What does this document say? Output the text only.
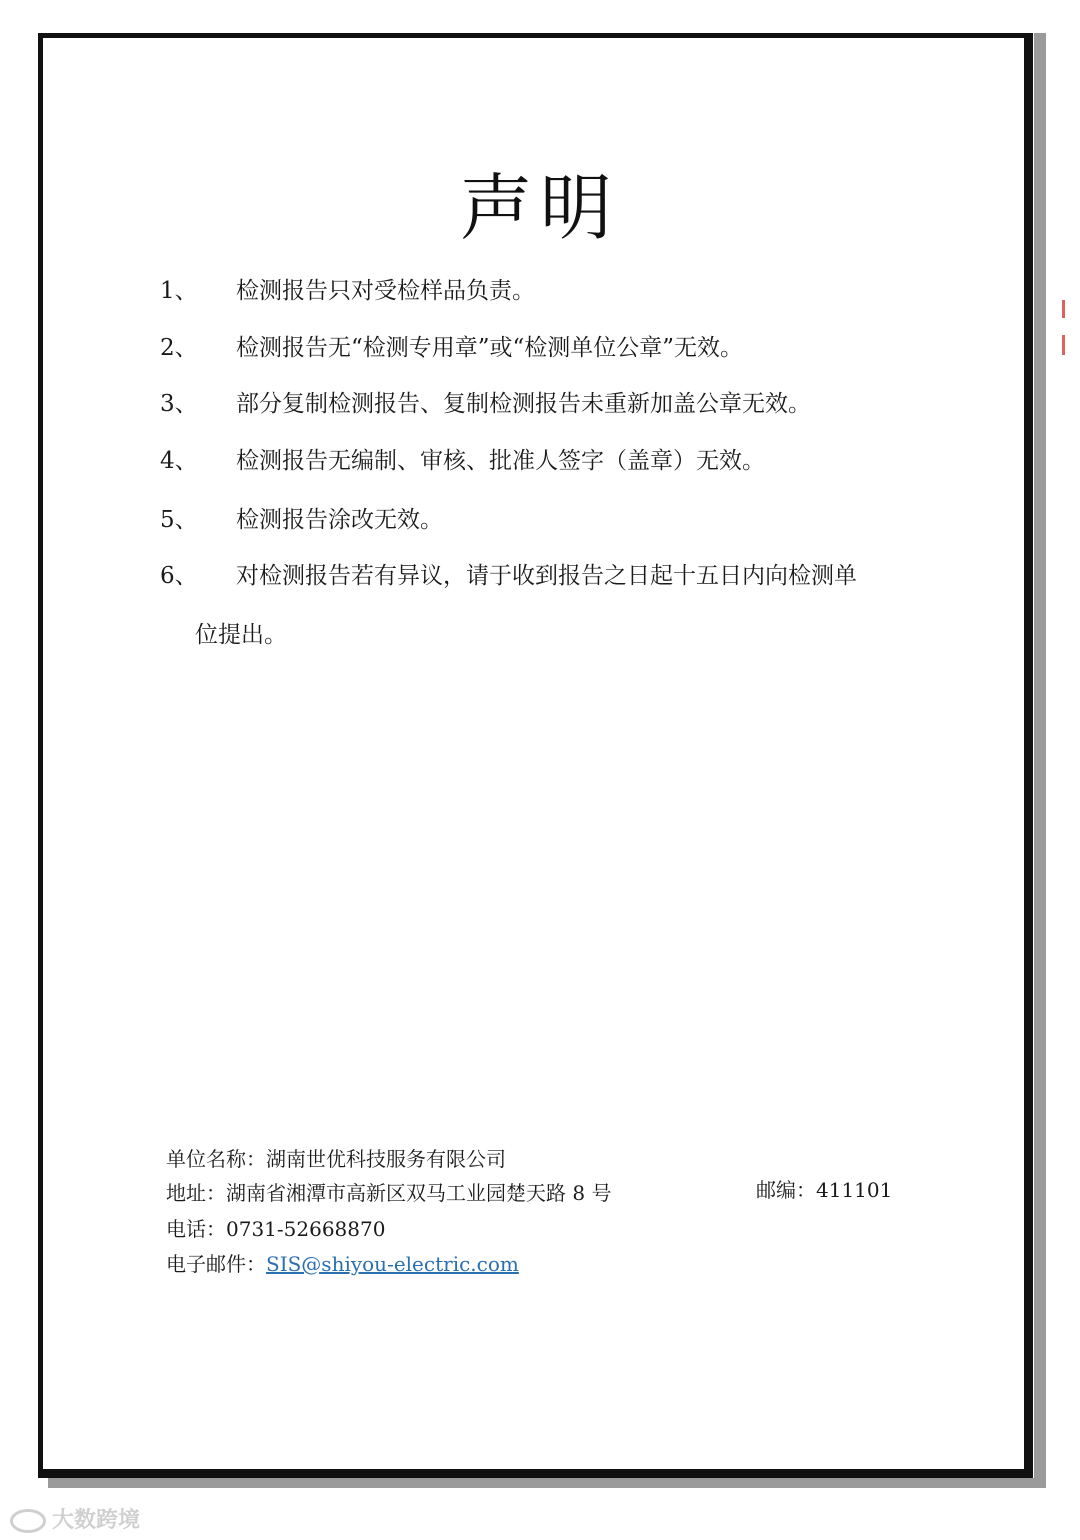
声明
1、 检测报告只对受检样品负责。
2、 检测报告无“检测专用章”或“检测单位公章”无效。
3、 部分复制检测报告、复制检测报告未重新加盖公章无效。
4、 检测报告无编制、审核、批准人签字（盖章）无效。
5、 检测报告涂改无效。
6、 对检测报告若有异议，请于收到报告之日起十五日内向检测单
位提出。
单位名称：湖南世优科技服务有限公司
地址：湖南省湘潭市高新区双马工业园楚天路 8 号	邮编：411101
电话：0731-52668870
电子邮件：SIS@shiyou-electric.com
大数跨境
